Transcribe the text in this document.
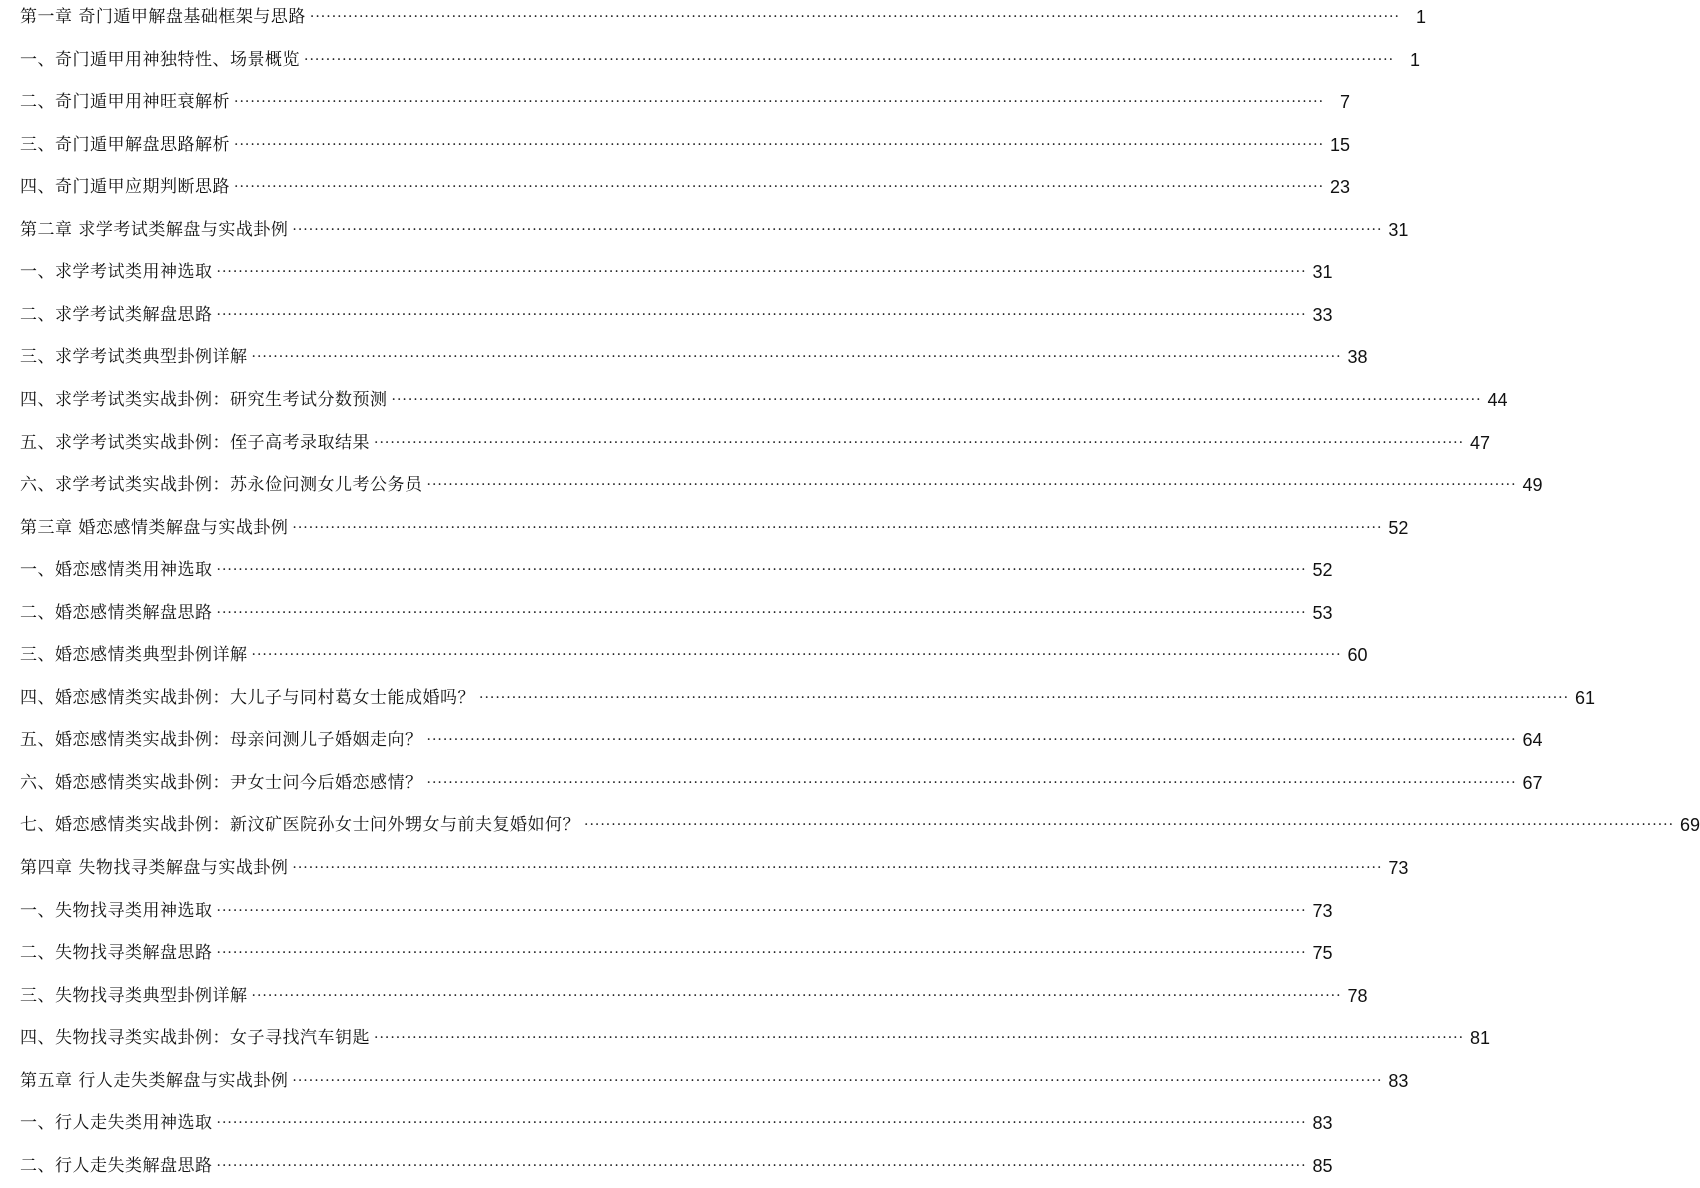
第一章 奇门遁甲解盘基础框架与思路 ········································································································································································································ 1
一、奇门遁甲用神独特性、场景概览 ········································································································································································································ 1
二、奇门遁甲用神旺衰解析 ········································································································································································································ 7
三、奇门遁甲解盘思路解析 ········································································································································································································ 15
四、奇门遁甲应期判断思路 ········································································································································································································ 23
第二章 求学考试类解盘与实战卦例 ········································································································································································································ 31
一、求学考试类用神选取 ········································································································································································································ 31
二、求学考试类解盘思路 ········································································································································································································ 33
三、求学考试类典型卦例详解 ········································································································································································································ 38
四、求学考试类实战卦例：研究生考试分数预测 ········································································································································································································ 44
五、求学考试类实战卦例：侄子高考录取结果 ········································································································································································································ 47
六、求学考试类实战卦例：苏永俭问测女儿考公务员 ········································································································································································································ 49
第三章 婚恋感情类解盘与实战卦例 ········································································································································································································ 52
一、婚恋感情类用神选取 ········································································································································································································ 52
二、婚恋感情类解盘思路 ········································································································································································································ 53
三、婚恋感情类典型卦例详解 ········································································································································································································ 60
四、婚恋感情类实战卦例：大儿子与同村葛女士能成婚吗？ ········································································································································································································ 61
五、婚恋感情类实战卦例：母亲问测儿子婚姻走向？ ········································································································································································································ 64
六、婚恋感情类实战卦例：尹女士问今后婚恋感情？ ········································································································································································································ 67
七、婚恋感情类实战卦例：新汶矿医院孙女士问外甥女与前夫复婚如何？ ········································································································································································································ 69
第四章 失物找寻类解盘与实战卦例 ········································································································································································································ 73
一、失物找寻类用神选取 ········································································································································································································ 73
二、失物找寻类解盘思路 ········································································································································································································ 75
三、失物找寻类典型卦例详解 ········································································································································································································ 78
四、失物找寻类实战卦例：女子寻找汽车钥匙 ········································································································································································································ 81
第五章 行人走失类解盘与实战卦例 ········································································································································································································ 83
一、行人走失类用神选取 ········································································································································································································ 83
二、行人走失类解盘思路 ········································································································································································································ 85
